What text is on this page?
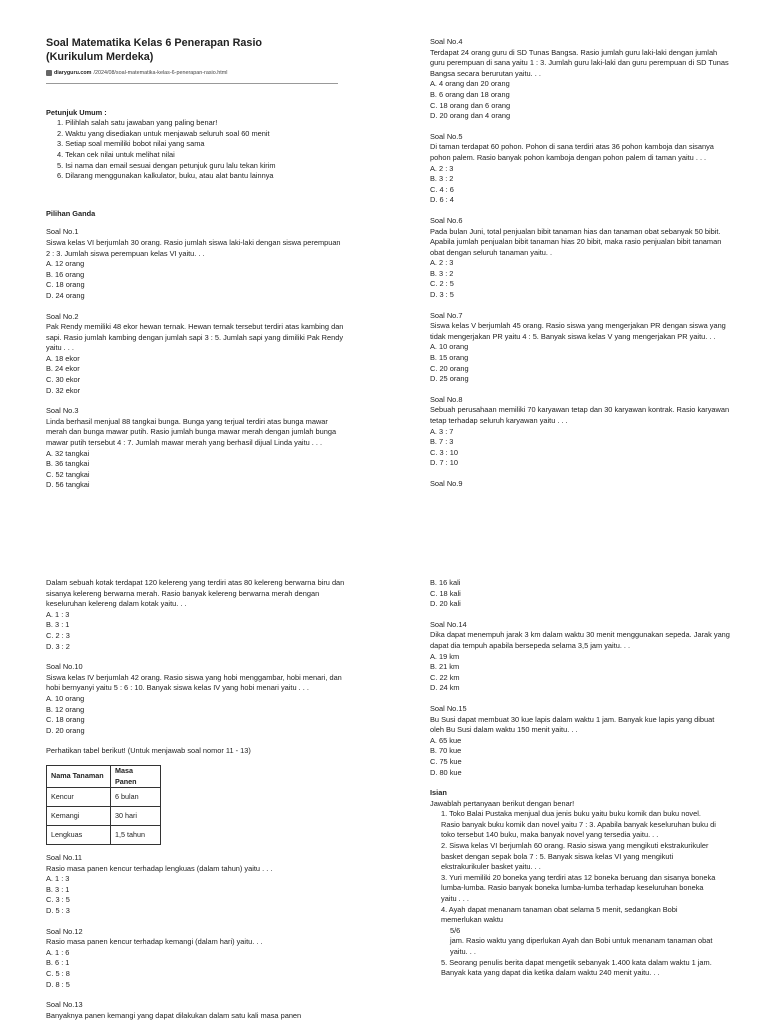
Soal Matematika Kelas 6 Penerapan Rasio
(Kurikulum Merdeka)
diaryguru.com /2024/08/soal-matematika-kelas-6-penerapan-rasio.html
Petunjuk Umum :
1. Pilihlah salah satu jawaban yang paling benar!
2. Waktu yang disediakan untuk menjawab seluruh soal 60 menit
3. Setiap soal memiliki bobot nilai yang sama
4. Tekan cek nilai untuk melihat nilai
5. Isi nama dan email sesuai dengan petunjuk guru lalu tekan kirim
6. Dilarang menggunakan kalkulator, buku, atau alat bantu lainnya
Pilihan Ganda
Soal No.1
Siswa kelas VI berjumlah 30 orang. Rasio jumlah siswa laki-laki dengan siswa perempuan 2 : 3. Jumlah siswa perempuan kelas VI yaitu. . .
A. 12 orang
B. 16 orang
C. 18 orang
D. 24 orang
Soal No.2
Pak Rendy memiliki 48 ekor hewan ternak. Hewan ternak tersebut terdiri atas kambing dan sapi. Rasio jumlah kambing dengan jumlah sapi 3 : 5. Jumlah sapi yang dimiliki Pak Rendy yaitu . . .
A. 18 ekor
B. 24 ekor
C. 30 ekor
D. 32 ekor
Soal No.3
Linda berhasil menjual 88 tangkai bunga. Bunga yang terjual terdiri atas bunga mawar merah dan bunga mawar putih. Rasio jumlah bunga mawar merah dengan jumlah bunga mawar putih tersebut 4 : 7. Jumlah mawar merah yang berhasil dijual Linda yaitu . . .
A. 32 tangkai
B. 36 tangkai
C. 52 tangkai
D. 56 tangkai
Soal No.4
Terdapat 24 orang guru di SD Tunas Bangsa. Rasio jumlah guru laki-laki dengan jumlah guru perempuan di sana yaitu 1 : 3. Jumlah guru laki-laki dan guru perempuan di SD Tunas Bangsa secara berurutan yaitu. . .
A. 4 orang dan 20 orang
B. 6 orang dan 18 orang
C. 18 orang dan 6 orang
D. 20 orang dan 4 orang
Soal No.5
Di taman terdapat 60 pohon. Pohon di sana terdiri atas 36 pohon kamboja dan sisanya pohon palem. Rasio banyak pohon kamboja dengan pohon palem di taman yaitu . . .
A. 2 : 3
B. 3 : 2
C. 4 : 6
D. 6 : 4
Soal No.6
Pada bulan Juni, total penjualan bibit tanaman hias dan tanaman obat sebanyak 50 bibit. Apabila jumlah penjualan bibit tanaman hias 20 bibit, maka rasio penjualan bibit tanaman obat dengan seluruh tanaman yaitu. .
A. 2 : 3
B. 3 : 2
C. 2 : 5
D. 3 : 5
Soal No.7
Siswa kelas V berjumlah 45 orang. Rasio siswa yang mengerjakan PR dengan siswa yang tidak mengerjakan PR yaitu 4 : 5. Banyak siswa kelas V yang mengerjakan PR yaitu. . .
A. 10 orang
B. 15 orang
C. 20 orang
D. 25 orang
Soal No.8
Sebuah perusahaan memiliki 70 karyawan tetap dan 30 karyawan kontrak. Rasio karyawan tetap terhadap seluruh karyawan yaitu . . .
A. 3 : 7
B. 7 : 3
C. 3 : 10
D. 7 : 10
Soal No.9
Dalam sebuah kotak terdapat 120 kelereng yang terdiri atas 80 kelereng berwarna biru dan sisanya kelereng berwarna merah. Rasio banyak kelereng berwarna merah dengan keseluruhan kelereng dalam kotak yaitu. . .
A. 1 : 3
B. 3 : 1
C. 2 : 3
D. 3 : 2
Soal No.10
Siswa kelas IV berjumlah 42 orang. Rasio siswa yang hobi menggambar, hobi menari, dan hobi bernyanyi yaitu 5 : 6 : 10. Banyak siswa kelas IV yang hobi menari yaitu . . .
A. 10 orang
B. 12 orang
C. 18 orang
D. 20 orang
Perhatikan tabel berikut! (Untuk menjawab soal nomor 11 - 13)
Nama Tanaman	Masa Panen
Kencur	6 bulan
Kemangi	30 hari
Lengkuas	1,5 tahun
Soal No.11
Rasio masa panen kencur terhadap lengkuas (dalam tahun) yaitu . . .
A. 1 : 3
B. 3 : 1
C. 3 : 5
D. 5 : 3
Soal No.12
Rasio masa panen kencur terhadap kemangi (dalam hari) yaitu. . .
A. 1 : 6
B. 6 : 1
C. 5 : 8
D. 8 : 5
Soal No.13
Banyaknya panen kemangi yang dapat dilakukan dalam satu kali masa panen
B. 16 kali
C. 18 kali
D. 20 kali
Soal No.14
Dika dapat menempuh jarak 3 km dalam waktu 30 menit menggunakan sepeda. Jarak yang dapat dia tempuh apabila bersepeda selama 3,5 jam yaitu. . .
A. 19 km
B. 21 km
C. 22 km
D. 24 km
Soal No.15
Bu Susi dapat membuat 30 kue lapis dalam waktu 1 jam. Banyak kue lapis yang dibuat oleh Bu Susi dalam waktu 150 menit yaitu. . .
A. 65 kue
B. 70 kue
C. 75 kue
D. 80 kue
Isian
Jawablah pertanyaan berikut dengan benar!
1. Toko Balai Pustaka menjual dua jenis buku yaitu buku komik dan buku novel. Rasio banyak buku komik dan novel yaitu 7 : 3. Apabila banyak keseluruhan buku di toko tersebut 140 buku, maka banyak novel yang tersedia yaitu. . .
2. Siswa kelas VI berjumlah 60 orang. Rasio siswa yang mengikuti ekstrakurikuler basket dengan sepak bola 7 : 5. Banyak siswa kelas VI yang mengikuti ekstrakurikuler basket yaitu. . .
3. Yuri memiliki 20 boneka yang terdiri atas 12 boneka beruang dan sisanya boneka lumba-lumba. Rasio banyak boneka lumba-lumba terhadap keseluruhan boneka yaitu . . .
4. Ayah dapat menanam tanaman obat selama 5 menit, sedangkan Bobi memerlukan waktu
5/6
jam. Rasio waktu yang diperlukan Ayah dan Bobi untuk menanam tanaman obat yaitu. . .
5. Seorang penulis berita dapat mengetik sebanyak 1.400 kata dalam waktu 1 jam. Banyak kata yang dapat dia ketika dalam waktu 240 menit yaitu. . .
